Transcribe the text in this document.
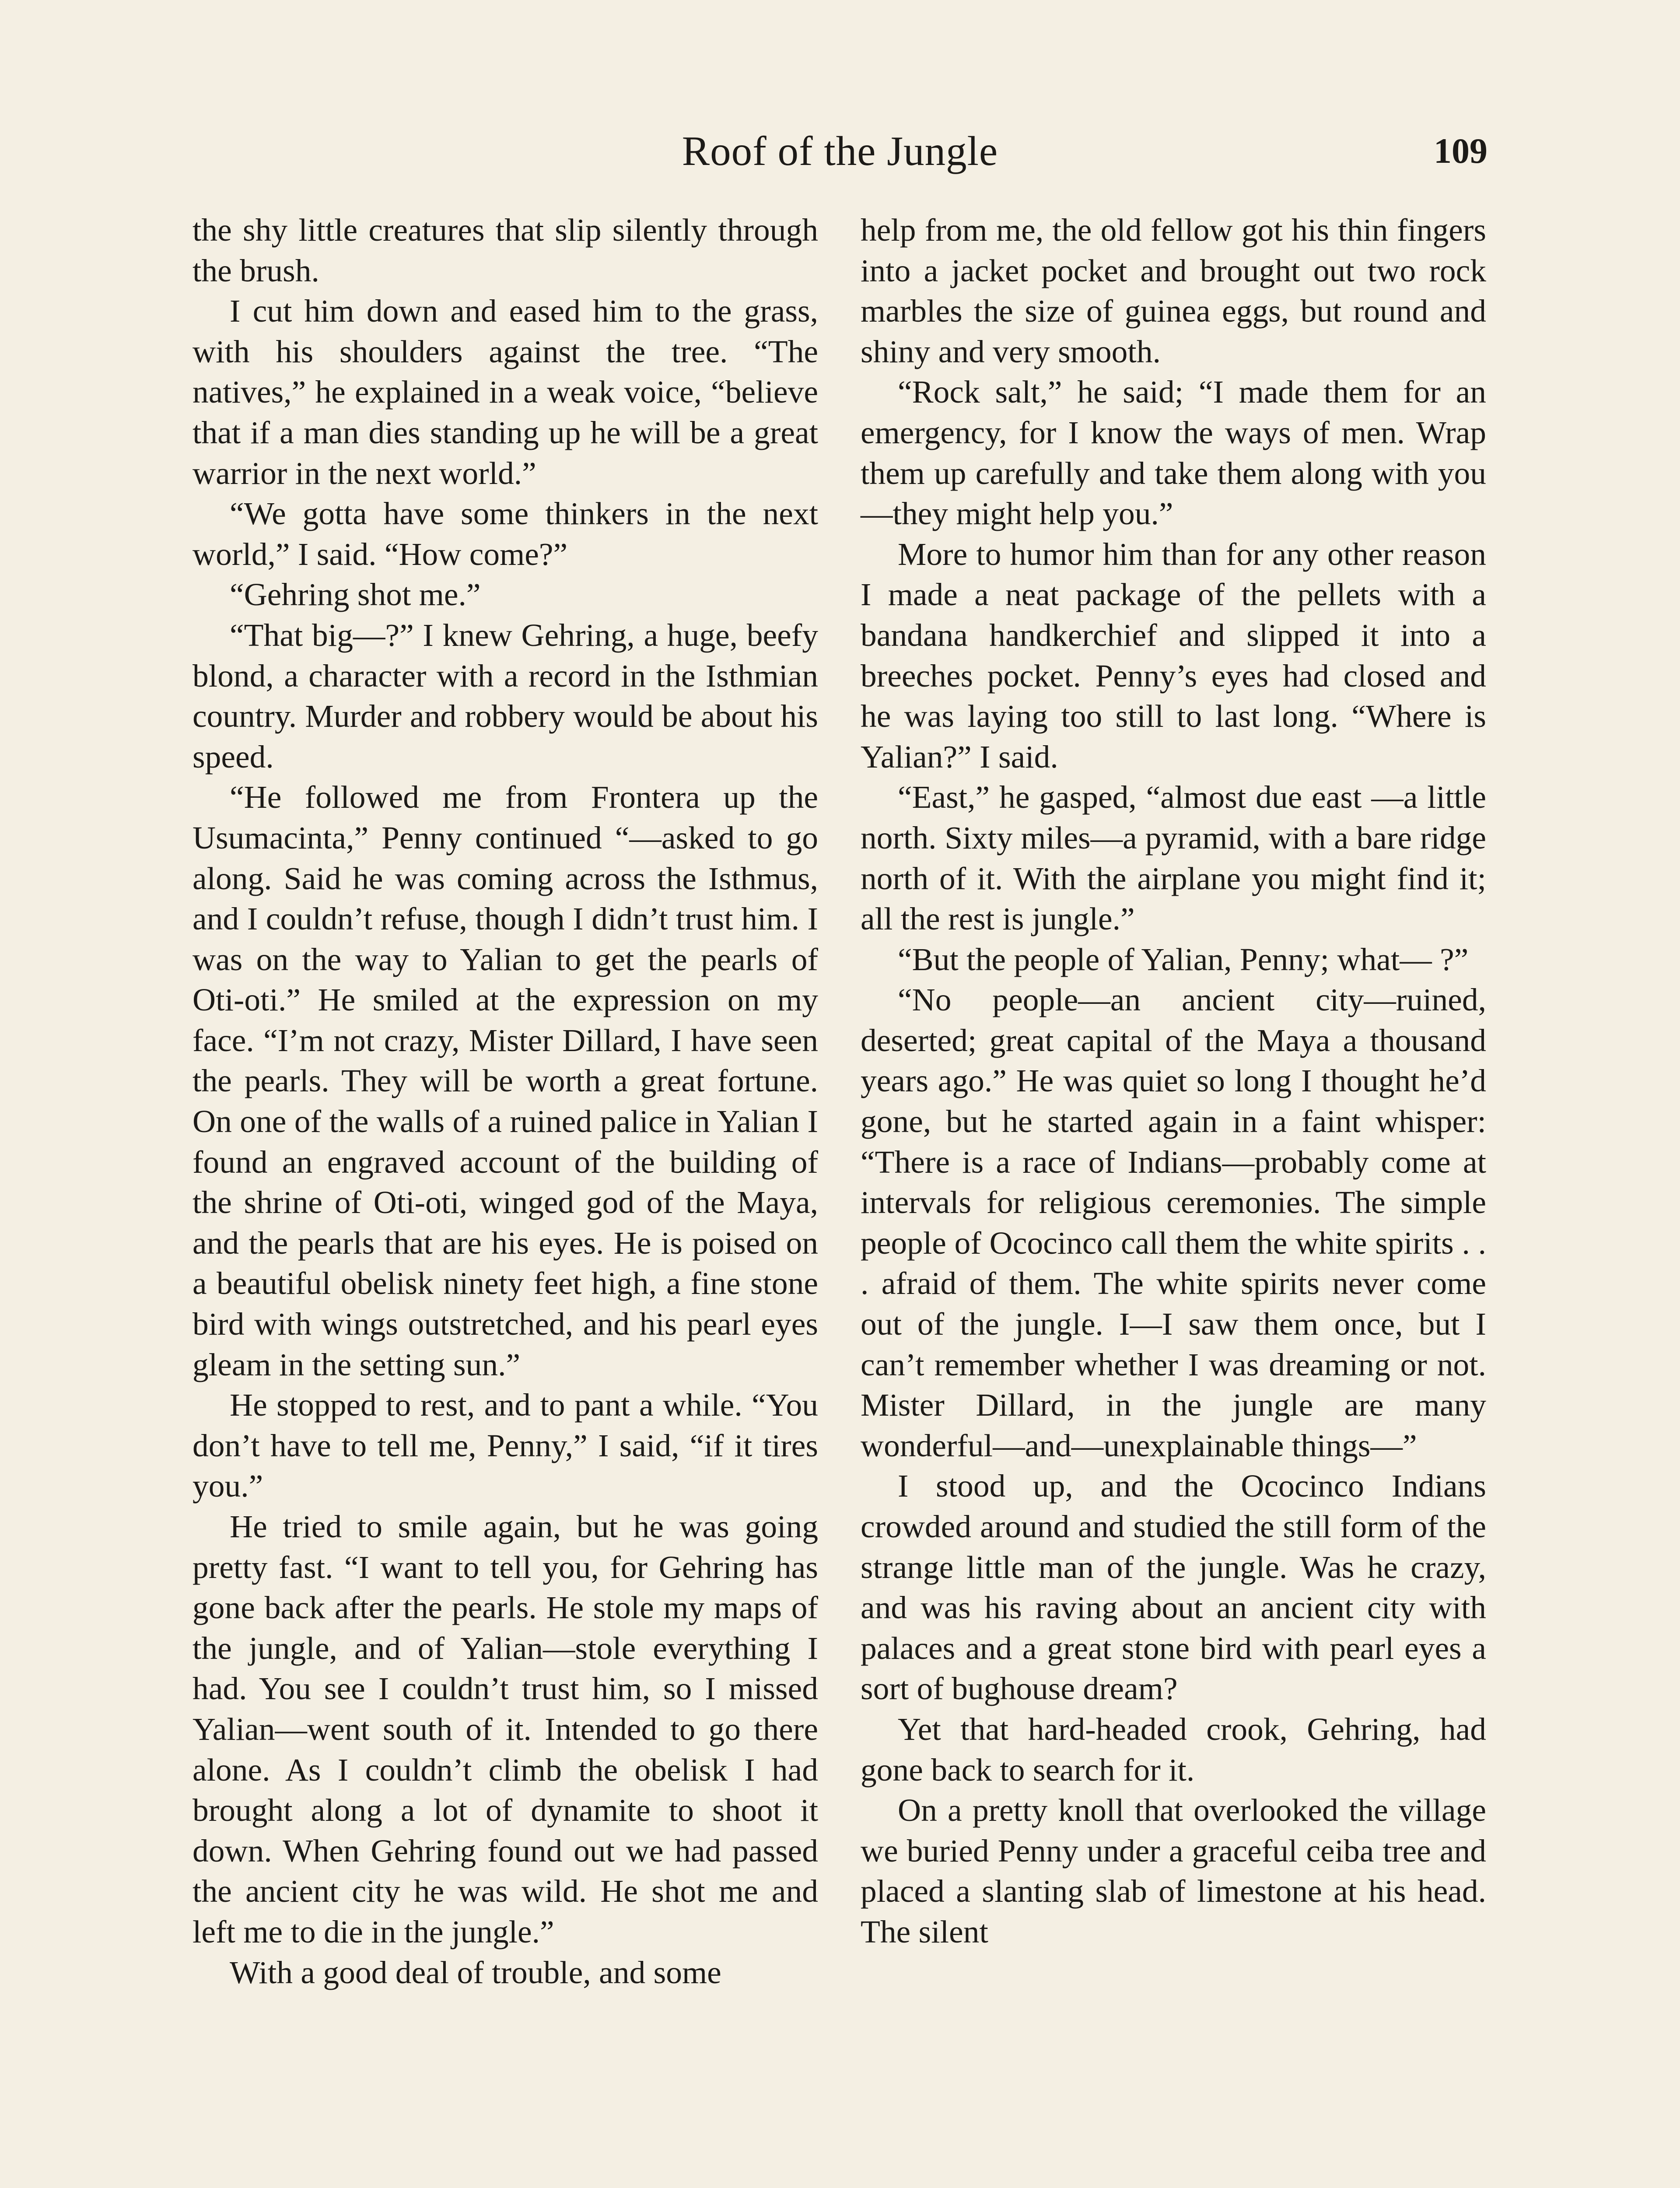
Roof of the Jungle	109

the shy little creatures that slip silently through the brush.

I cut him down and eased him to the grass, with his shoulders against the tree. “The natives,” he explained in a weak voice, “believe that if a man dies standing up he will be a great warrior in the next world.”

“We gotta have some thinkers in the next world,” I said. “How come?”

“Gehring shot me.”

“That big—?” I knew Gehring, a huge, beefy blond, a character with a record in the Isthmian country. Murder and robbery would be about his speed.

“He followed me from Frontera up the Usumacinta,” Penny continued “—asked to go along. Said he was coming across the Isthmus, and I couldn’t refuse, though I didn’t trust him. I was on the way to Yalian to get the pearls of Oti-oti.” He smiled at the expression on my face. “I’m not crazy, Mister Dillard, I have seen the pearls. They will be worth a great fortune. On one of the walls of a ruined palice in Yalian I found an engraved account of the building of the shrine of Oti-oti, winged god of the Maya, and the pearls that are his eyes. He is poised on a beautiful obelisk ninety feet high, a fine stone bird with wings outstretched, and his pearl eyes gleam in the setting sun.”

He stopped to rest, and to pant a while. “You don’t have to tell me, Penny,” I said, “if it tires you.”

He tried to smile again, but he was going pretty fast. “I want to tell you, for Gehring has gone back after the pearls. He stole my maps of the jungle, and of Yalian—stole everything I had. You see I couldn’t trust him, so I missed Yalian—went south of it. Intended to go there alone. As I couldn’t climb the obelisk I had brought along a lot of dynamite to shoot it down. When Gehring found out we had passed the ancient city he was wild. He shot me and left me to die in the jungle.”

With a good deal of trouble, and some

help from me, the old fellow got his thin fingers into a jacket pocket and brought out two rock marbles the size of guinea eggs, but round and shiny and very smooth.

“Rock salt,” he said; “I made them for an emergency, for I know the ways of men. Wrap them up carefully and take them along with you—they might help you.”

More to humor him than for any other reason I made a neat package of the pellets with a bandana handkerchief and slipped it into a breeches pocket. Penny’s eyes had closed and he was laying too still to last long. “Where is Yalian?” I said.

“East,” he gasped, “almost due east —a little north. Sixty miles—a pyramid, with a bare ridge north of it. With the airplane you might find it; all the rest is jungle.”

“But the people of Yalian, Penny; what— ?”

“No people—an ancient city—ruined, deserted; great capital of the Maya a thousand years ago.” He was quiet so long I thought he’d gone, but he started again in a faint whisper: “There is a race of Indians—probably come at intervals for religious ceremonies. The simple people of Ococinco call them the white spirits . . . afraid of them. The white spirits never come out of the jungle. I—I saw them once, but I can’t remember whether I was dreaming or not. Mister Dillard, in the jungle are many wonderful—and—unexplainable things—”

I stood up, and the Ococinco Indians crowded around and studied the still form of the strange little man of the jungle. Was he crazy, and was his raving about an ancient city with palaces and a great stone bird with pearl eyes a sort of bughouse dream?

Yet that hard-headed crook, Gehring, had gone back to search for it.

On a pretty knoll that overlooked the village we buried Penny under a graceful ceiba tree and placed a slanting slab of limestone at his head. The silent
